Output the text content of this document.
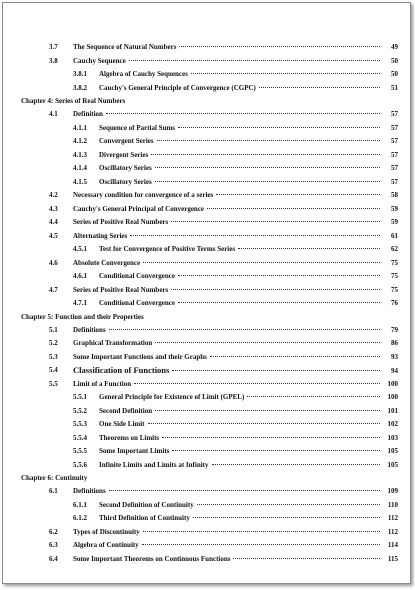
3.7 The Sequence of Natural Numbers	49
3.8 Cauchy Sequence	50
3.8.1 Algebra of Cauchy Sequences	50
3.8.2 Cauchy's General Principle of Convergence (CGPC)	51
Chapter 4: Series of Real Numbers
4.1 Definition	57
4.1.1 Sequence of Partial Sums	57
4.1.2 Convergent Series	57
4.1.3 Divergent Series	57
4.1.4 Oscillatory Series	57
4.1.5 Oscillatory Series	57
4.2 Necessary condition for convergence of a series	58
4.3 Cauchy's General Principal of Convergence	59
4.4 Series of Positive Real Numbers	59
4.5 Alternating Series	61
4.5.1 Test for Convergence of Positive Terms Series	62
4.6 Absolute Convergence	75
4.6.1 Conditional Convergence	75
4.7 Series of Positive Real Numbers	75
4.7.1 Conditional Convergence	76
Chapter 5: Function and their Properties
5.1 Definitions	79
5.2 Graphical Transformation	86
5.3 Some Important Functions and their Graphs	93
5.4 Classification of Functions	94
5.5 Limit of a Function	100
5.5.1 General Principle for Existence of Limit (GPEL)	100
5.5.2 Second Definition	101
5.5.3 One Side Limit	102
5.5.4 Theorems on Limits	103
5.5.5 Some Important Limits	105
5.5.6 Infinite Limits and Limits at Infinity	105
Chapter 6: Continuity
6.1 Definitions	109
6.1.1 Second Definition of Continuity	110
6.1.2 Third Definition of Continuity	112
6.2 Types of Discontinuity	112
6.3 Algebra of Continuity	114
6.4 Some Important Theorems on Continuous Functions	115
